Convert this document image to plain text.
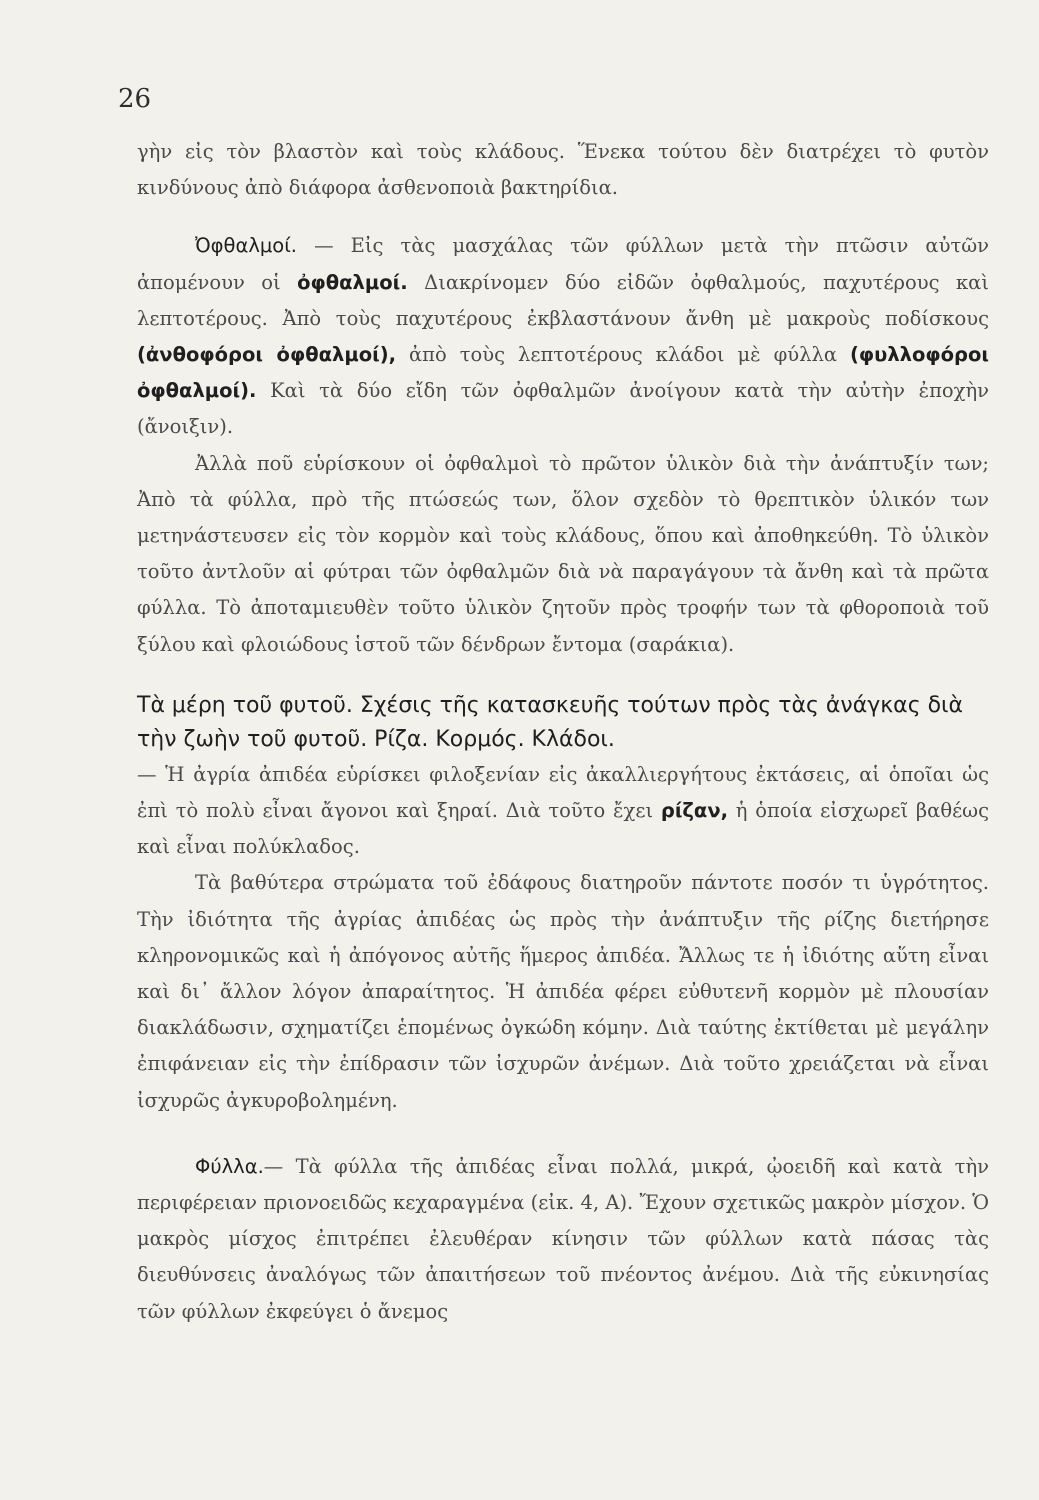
26

γὴν εἰς τὸν βλαστὸν καὶ τοὺς κλάδους. Ἕνεκα τούτου δὲν διατρέχει τὸ φυτὸν κινδύνους ἀπὸ διάφορα ἀσθενοποιὰ βακτηρίδια.

Ὀφθαλμοί. — Εἰς τὰς μασχάλας τῶν φύλλων μετὰ τὴν πτῶσιν αὐτῶν ἀπομένουν οἱ ὀφθαλμοί. Διακρίνομεν δύο εἰδῶν ὀφθαλμούς, παχυτέρους καὶ λεπτοτέρους. Ἀπὸ τοὺς παχυτέρους ἐκβλαστάνουν ἄνθη μὲ μακροὺς ποδίσκους (ἀνθοφόροι ὀφθαλμοί), ἀπὸ τοὺς λεπτοτέρους κλάδοι μὲ φύλλα (φυλλοφόροι ὀφθαλμοί). Καὶ τὰ δύο εἴδη τῶν ὀφθαλμῶν ἀνοίγουν κατὰ τὴν αὐτὴν ἐποχὴν (ἄνοιξιν).

Ἀλλὰ ποῦ εὑρίσκουν οἱ ὀφθαλμοὶ τὸ πρῶτον ὑλικὸν διὰ τὴν ἀνάπτυξίν των; Ἀπὸ τὰ φύλλα, πρὸ τῆς πτώσεώς των, ὅλον σχεδὸν τὸ θρεπτικὸν ὑλικόν των μετηνάστευσεν εἰς τὸν κορμὸν καὶ τοὺς κλάδους, ὅπου καὶ ἀποθηκεύθη. Τὸ ὑλικὸν τοῦτο ἀντλοῦν αἱ φύτραι τῶν ὀφθαλμῶν διὰ νὰ παραγάγουν τὰ ἄνθη καὶ τὰ πρῶτα φύλλα. Τὸ ἀποταμιευθὲν τοῦτο ὑλικὸν ζητοῦν πρὸς τροφήν των τὰ φθοροποιὰ τοῦ ξύλου καὶ φλοιώδους ἱστοῦ τῶν δένδρων ἔντομα (σαράκια).

Τὰ μέρη τοῦ φυτοῦ. Σχέσις τῆς κατασκευῆς τούτων πρὸς τὰς ἀνάγκας διὰ τὴν ζωὴν τοῦ φυτοῦ. Ρίζα. Κορμός. Κλάδοι.

— Ἡ ἀγρία ἀπιδέα εὑρίσκει φιλοξενίαν εἰς ἀκαλλιεργήτους ἐκτάσεις, αἱ ὁποῖαι ὡς ἐπὶ τὸ πολὺ εἶναι ἄγονοι καὶ ξηραί. Διὰ τοῦτο ἔχει ρίζαν, ἡ ὁποία εἰσχωρεῖ βαθέως καὶ εἶναι πολύκλαδος.

Τὰ βαθύτερα στρώματα τοῦ ἐδάφους διατηροῦν πάντοτε ποσόν τι ὑγρότητος. Τὴν ἰδιότητα τῆς ἀγρίας ἀπιδέας ὡς πρὸς τὴν ἀνάπτυξιν τῆς ρίζης διετήρησε κληρονομικῶς καὶ ἡ ἀπόγονος αὐτῆς ἥμερος ἀπιδέα. Ἄλλως τε ἡ ἰδιότης αὕτη εἶναι καὶ δι᾽ ἄλλον λόγον ἀπαραίτητος. Ἡ ἀπιδέα φέρει εὐθυτενῆ κορμὸν μὲ πλουσίαν διακλάδωσιν, σχηματίζει ἑπομένως ὀγκώδη κόμην. Διὰ ταύτης ἐκτίθεται μὲ μεγάλην ἐπιφάνειαν εἰς τὴν ἐπίδρασιν τῶν ἰσχυρῶν ἀνέμων. Διὰ τοῦτο χρειάζεται νὰ εἶναι ἰσχυρῶς ἀγκυροβολημένη.

Φύλλα.— Τὰ φύλλα τῆς ἀπιδέας εἶναι πολλά, μικρά, ᾠοειδῆ καὶ κατὰ τὴν περιφέρειαν πριονοειδῶς κεχαραγμένα (εἰκ. 4, Α). Ἔχουν σχετικῶς μακρὸν μίσχον. Ὁ μακρὸς μίσχος ἐπιτρέπει ἐλευθέραν κίνησιν τῶν φύλλων κατὰ πάσας τὰς διευθύνσεις ἀναλόγως τῶν ἀπαιτήσεων τοῦ πνέοντος ἀνέμου. Διὰ τῆς εὐκινησίας τῶν φύλλων ἐκφεύγει ὁ ἄνεμος
